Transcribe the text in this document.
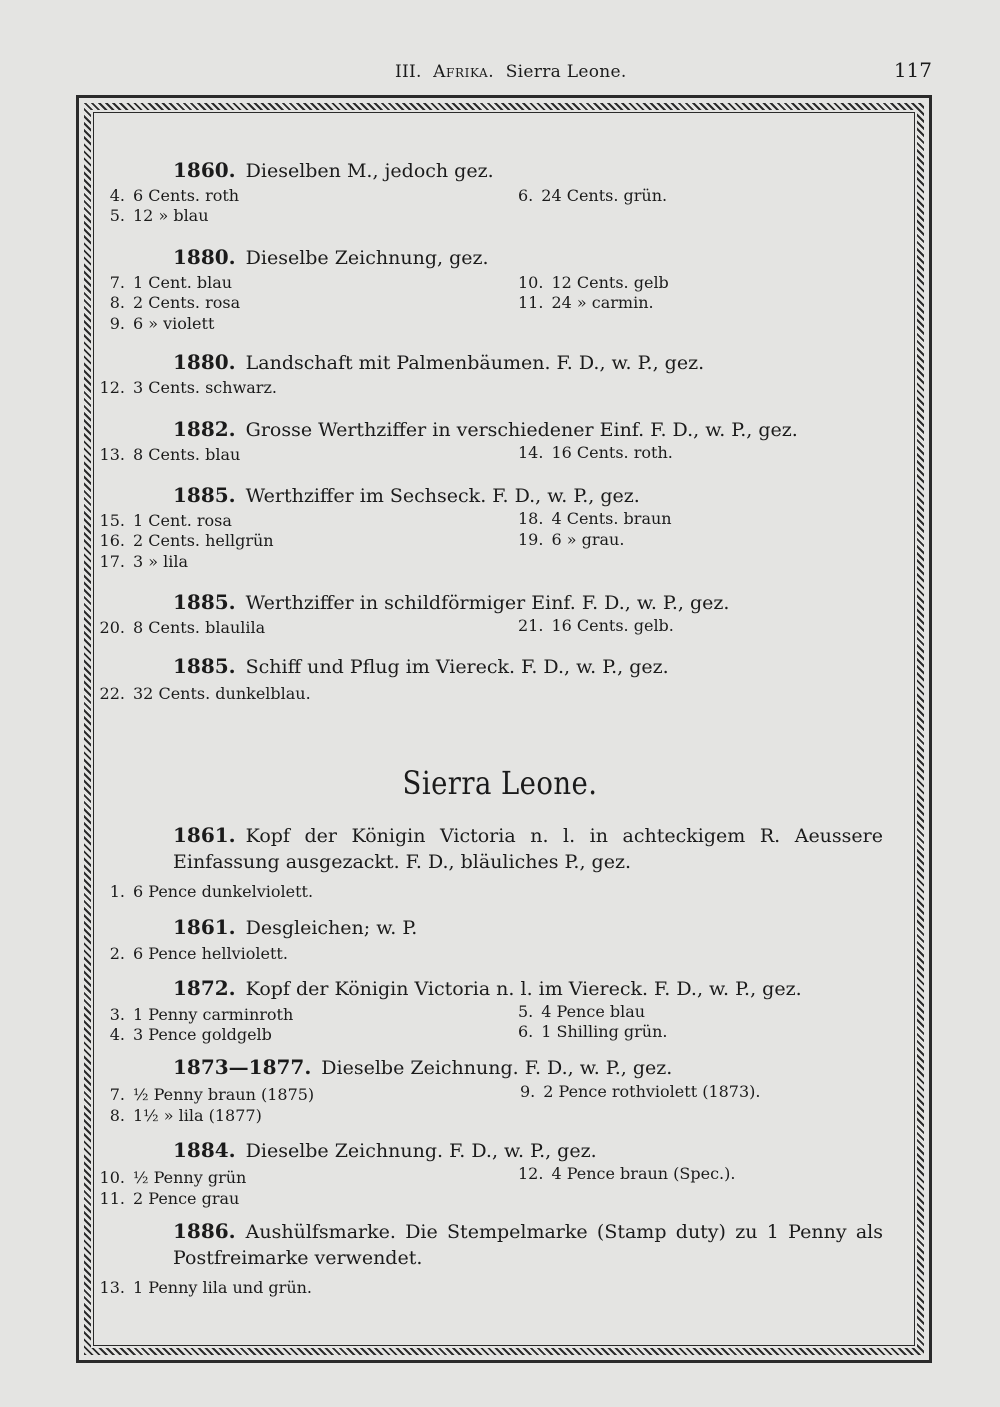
III. Afrika. Sierra Leone.	117
1860. Dieselben M., jedoch gez.
4. 6 Cents. roth
5. 12 » blau
6. 24 Cents. grün.
1880. Dieselbe Zeichnung, gez.
7. 1 Cent. blau
8. 2 Cents. rosa
9. 6 » violett
10. 12 Cents. gelb
11. 24 » carmin.
1880. Landschaft mit Palmenbäumen. F. D., w. P., gez.
12. 3 Cents. schwarz.
1882. Grosse Werthziffer in verschiedener Einf. F. D., w. P., gez.
13. 8 Cents. blau	14. 16 Cents. roth.
1885. Werthziffer im Sechseck. F. D., w. P., gez.
15. 1 Cent. rosa
16. 2 Cents. hellgrün
17. 3 » lila
18. 4 Cents. braun
19. 6 » grau.
1885. Werthziffer in schildförmiger Einf. F. D., w. P., gez.
20. 8 Cents. blaulila	21. 16 Cents. gelb.
1885. Schiff und Pflug im Viereck. F. D., w. P., gez.
22. 32 Cents. dunkelblau.
Sierra Leone.
1861. Kopf der Königin Victoria n. l. in achteckigem R. Aeussere Einfassung ausgezackt. F. D., bläuliches P., gez.
1. 6 Pence dunkelviolett.
1861. Desgleichen; w. P.
2. 6 Pence hellviolett.
1872. Kopf der Königin Victoria n. l. im Viereck. F. D., w. P., gez.
3. 1 Penny carminroth
4. 3 Pence goldgelb
5. 4 Pence blau
6. 1 Shilling grün.
1873—1877. Dieselbe Zeichnung. F. D., w. P., gez.
7. ½ Penny braun (1875)
8. 1½ » lila (1877)
9. 2 Pence rothviolett (1873).
1884. Dieselbe Zeichnung. F. D., w. P., gez.
10. ½ Penny grün
11. 2 Pence grau
12. 4 Pence braun (Spec.).
1886. Aushülfsmarke. Die Stempelmarke (Stamp duty) zu 1 Penny als Postfreimarke verwendet.
13. 1 Penny lila und grün.
